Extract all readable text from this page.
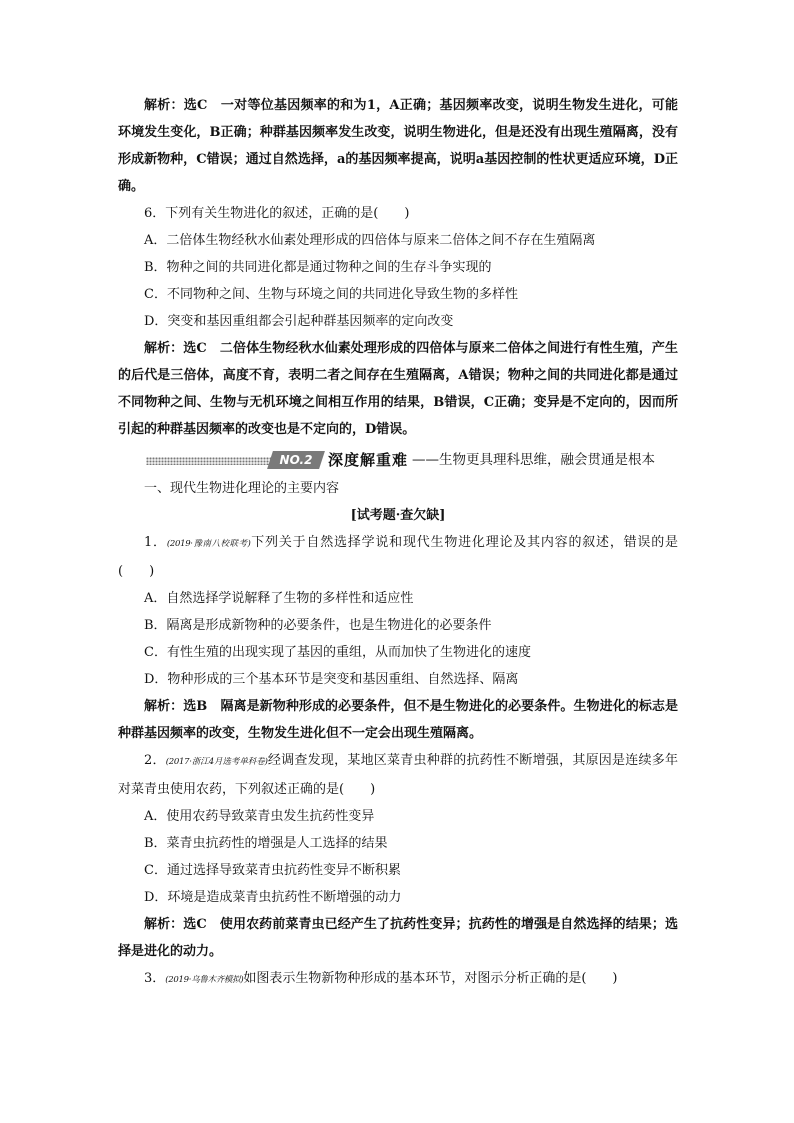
解析：选C　一对等位基因频率的和为1，A正确；基因频率改变，说明生物发生进化，可能环境发生变化，B正确；种群基因频率发生改变，说明生物进化，但是还没有出现生殖隔离，没有形成新物种，C错误；通过自然选择，a的基因频率提高，说明a基因控制的性状更适应环境，D正确。

6．下列有关生物进化的叙述，正确的是(　　)

A．二倍体生物经秋水仙素处理形成的四倍体与原来二倍体之间不存在生殖隔离

B．物种之间的共同进化都是通过物种之间的生存斗争实现的

C．不同物种之间、生物与环境之间的共同进化导致生物的多样性

D．突变和基因重组都会引起种群基因频率的定向改变

解析：选C　二倍体生物经秋水仙素处理形成的四倍体与原来二倍体之间进行有性生殖，产生的后代是三倍体，高度不育，表明二者之间存在生殖隔离，A错误；物种之间的共同进化都是通过不同物种之间、生物与无机环境之间相互作用的结果，B错误，C正确；变异是不定向的，因而所引起的种群基因频率的改变也是不定向的，D错误。

NO.2	深度解重难 ——生物更具理科思维，融会贯通是根本

一、现代生物进化理论的主要内容

[试考题·查欠缺]

1．(2019·豫南八校联考)下列关于自然选择学说和现代生物进化理论及其内容的叙述，错误的是(　　)

A．自然选择学说解释了生物的多样性和适应性

B．隔离是形成新物种的必要条件，也是生物进化的必要条件

C．有性生殖的出现实现了基因的重组，从而加快了生物进化的速度

D．物种形成的三个基本环节是突变和基因重组、自然选择、隔离

解析：选B　隔离是新物种形成的必要条件，但不是生物进化的必要条件。生物进化的标志是种群基因频率的改变，生物发生进化但不一定会出现生殖隔离。

2．(2017·浙江4月选考单科卷)经调查发现，某地区菜青虫种群的抗药性不断增强，其原因是连续多年对菜青虫使用农药，下列叙述正确的是(　　)

A．使用农药导致菜青虫发生抗药性变异

B．菜青虫抗药性的增强是人工选择的结果

C．通过选择导致菜青虫抗药性变异不断积累

D．环境是造成菜青虫抗药性不断增强的动力

解析：选C　使用农药前菜青虫已经产生了抗药性变异；抗药性的增强是自然选择的结果；选择是进化的动力。

3．(2019·乌鲁木齐模拟)如图表示生物新物种形成的基本环节，对图示分析正确的是(　　)
